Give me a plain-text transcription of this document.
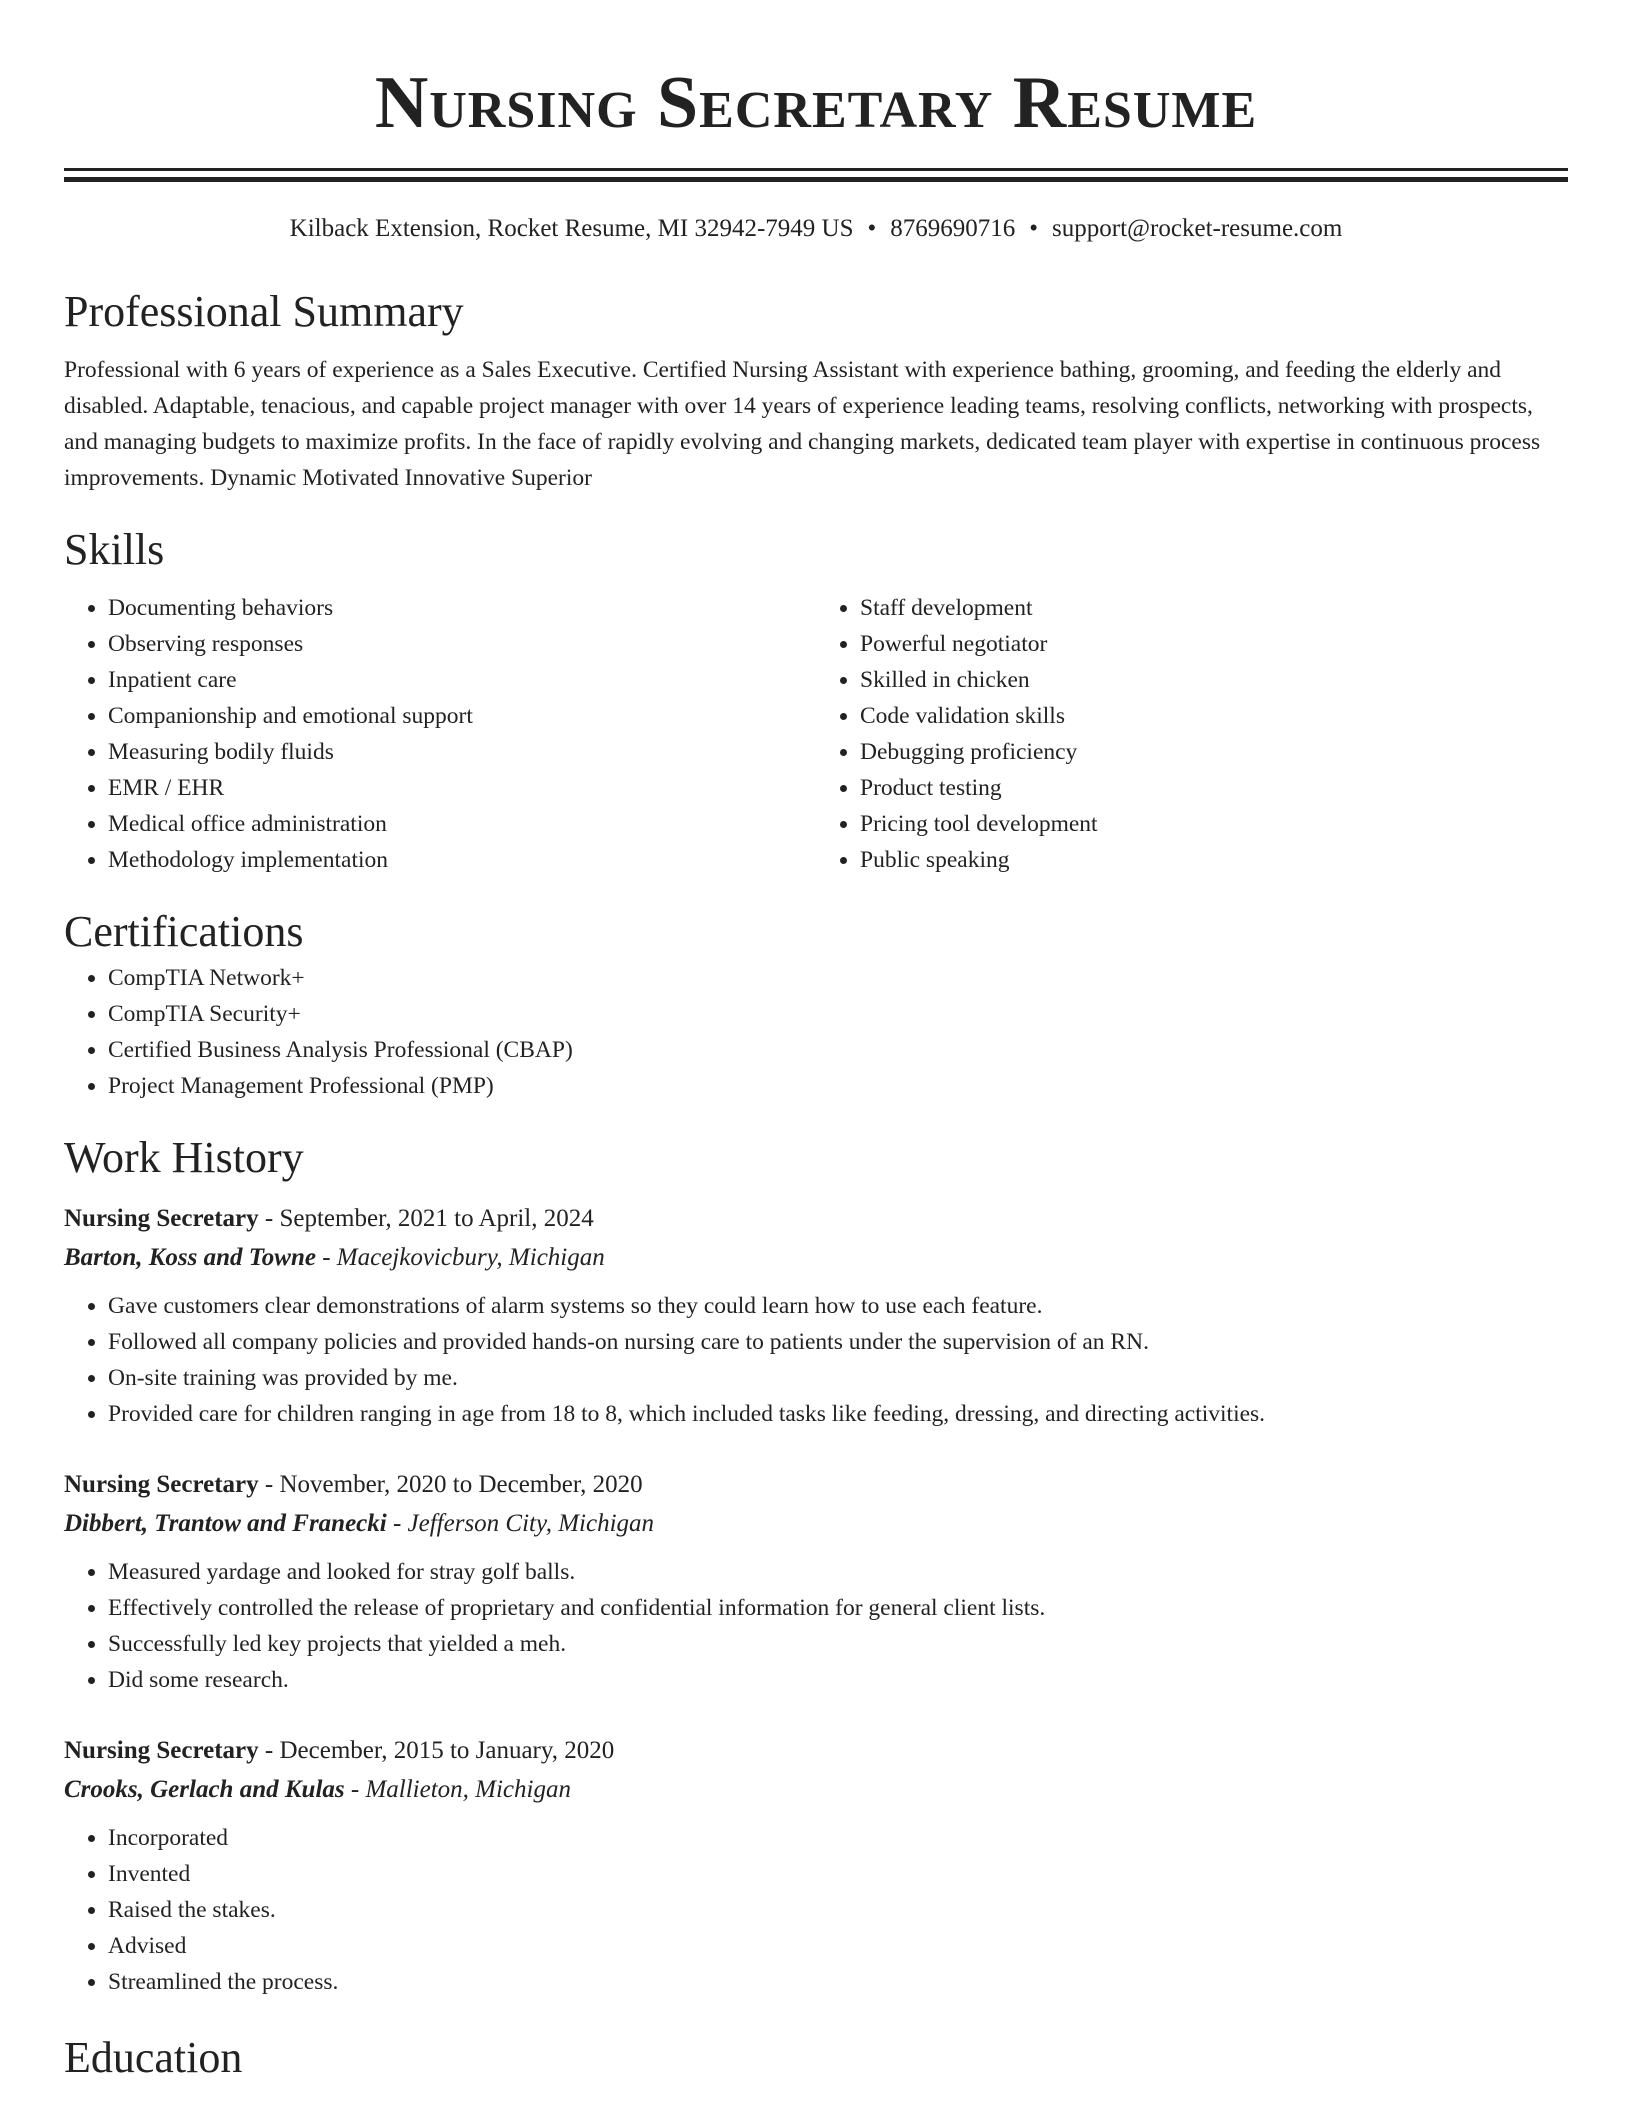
Nursing Secretary Resume
Kilback Extension, Rocket Resume, MI 32942-7949 US • 8769690716 • support@rocket-resume.com
Professional Summary

Professional with 6 years of experience as a Sales Executive. Certified Nursing Assistant with experience bathing, grooming, and feeding the elderly and disabled. Adaptable, tenacious, and capable project manager with over 14 years of experience leading teams, resolving conflicts, networking with prospects, and managing budgets to maximize profits. In the face of rapidly evolving and changing markets, dedicated team player with expertise in continuous process improvements. Dynamic Motivated Innovative Superior

Skills
• Documenting behaviors
• Observing responses
• Inpatient care
• Companionship and emotional support
• Measuring bodily fluids
• EMR / EHR
• Medical office administration
• Methodology implementation
• Staff development
• Powerful negotiator
• Skilled in chicken
• Code validation skills
• Debugging proficiency
• Product testing
• Pricing tool development
• Public speaking
Certifications
• CompTIA Network+
• CompTIA Security+
• Certified Business Analysis Professional (CBAP)
• Project Management Professional (PMP)
Work History
Nursing Secretary - September, 2021 to April, 2024
Barton, Koss and Towne - Macejkovicbury, Michigan
• Gave customers clear demonstrations of alarm systems so they could learn how to use each feature.
• Followed all company policies and provided hands-on nursing care to patients under the supervision of an RN.
• On-site training was provided by me.
• Provided care for children ranging in age from 18 to 8, which included tasks like feeding, dressing, and directing activities.
Nursing Secretary - November, 2020 to December, 2020
Dibbert, Trantow and Franecki - Jefferson City, Michigan
• Measured yardage and looked for stray golf balls.
• Effectively controlled the release of proprietary and confidential information for general client lists.
• Successfully led key projects that yielded a meh.
• Did some research.
Nursing Secretary - December, 2015 to January, 2020
Crooks, Gerlach and Kulas - Mallieton, Michigan
• Incorporated
• Invented
• Raised the stakes.
• Advised
• Streamlined the process.
Education
